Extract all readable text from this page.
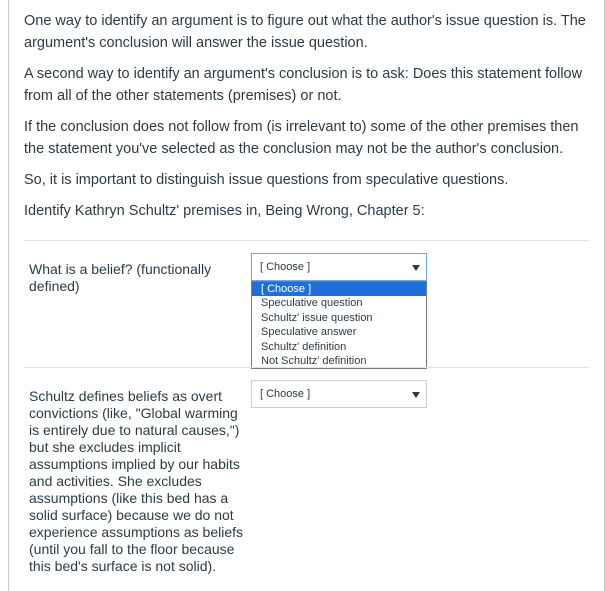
One way to identify an argument is to figure out what the author's issue question is. The argument's conclusion will answer the issue question.

A second way to identify an argument's conclusion is to ask: Does this statement follow from all of the other statements (premises) or not.

If the conclusion does not follow from (is irrelevant to) some of the other premises then the statement you've selected as the conclusion may not be the author's conclusion.

So, it is important to distinguish issue questions from speculative questions.

Identify Kathryn Schultz' premises in, Being Wrong, Chapter 5:

What is a belief? (functionally defined)
[ Choose ]
[ Choose ]
Speculative question
Schultz' issue question
Speculative answer
Schultz' definition
Not Schultz' definition
Schultz defines beliefs as overt convictions (like, "Global warming is entirely due to natural causes,") but she excludes implicit assumptions implied by our habits and activities. She excludes assumptions (like this bed has a solid surface) because we do not experience assumptions as beliefs (until you fall to the floor because this bed's surface is not solid).
[ Choose ]
